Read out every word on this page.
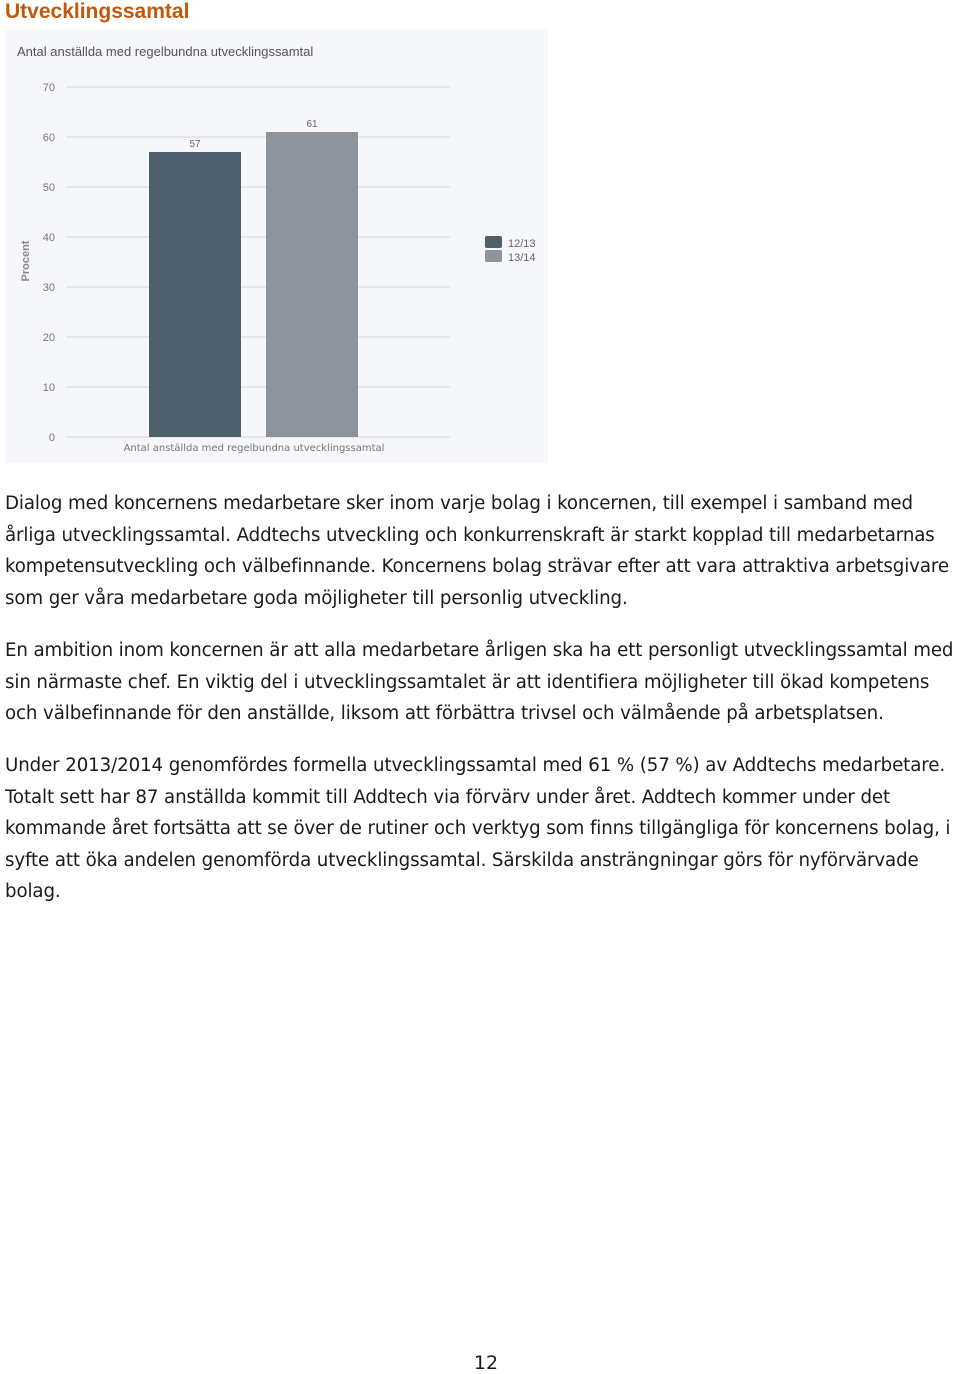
Utvecklingssamtal
Antal anställda med regelbundna utvecklingssamtal
0
10
20
30
40
50
60
70
57
61
Procent
Antal anställda med regelbundna utvecklingssamtal
12/13
13/14

Dialog med koncernens medarbetare sker inom varje bolag i koncernen, till exempel i samband med årliga utvecklingssamtal. Addtechs utveckling och konkurrenskraft är starkt kopplad till medarbetarnas kompetensutveckling och välbefinnande. Koncernens bolag strävar efter att vara attraktiva arbetsgivare som ger våra medarbetare goda möjligheter till personlig utveckling.

En ambition inom koncernen är att alla medarbetare årligen ska ha ett personligt utvecklingssamtal med sin närmaste chef. En viktig del i utvecklingssamtalet är att identifiera möjligheter till ökad kompetens och välbefinnande för den anställde, liksom att förbättra trivsel och välmående på arbetsplatsen.

Under 2013/2014 genomfördes formella utvecklingssamtal med 61 % (57 %) av Addtechs medarbetare. Totalt sett har 87 anställda kommit till Addtech via förvärv under året. Addtech kommer under det kommande året fortsätta att se över de rutiner och verktyg som finns tillgängliga för koncernens bolag, i syfte att öka andelen genomförda utvecklingssamtal. Särskilda ansträngningar görs för nyförvärvade bolag.

12
